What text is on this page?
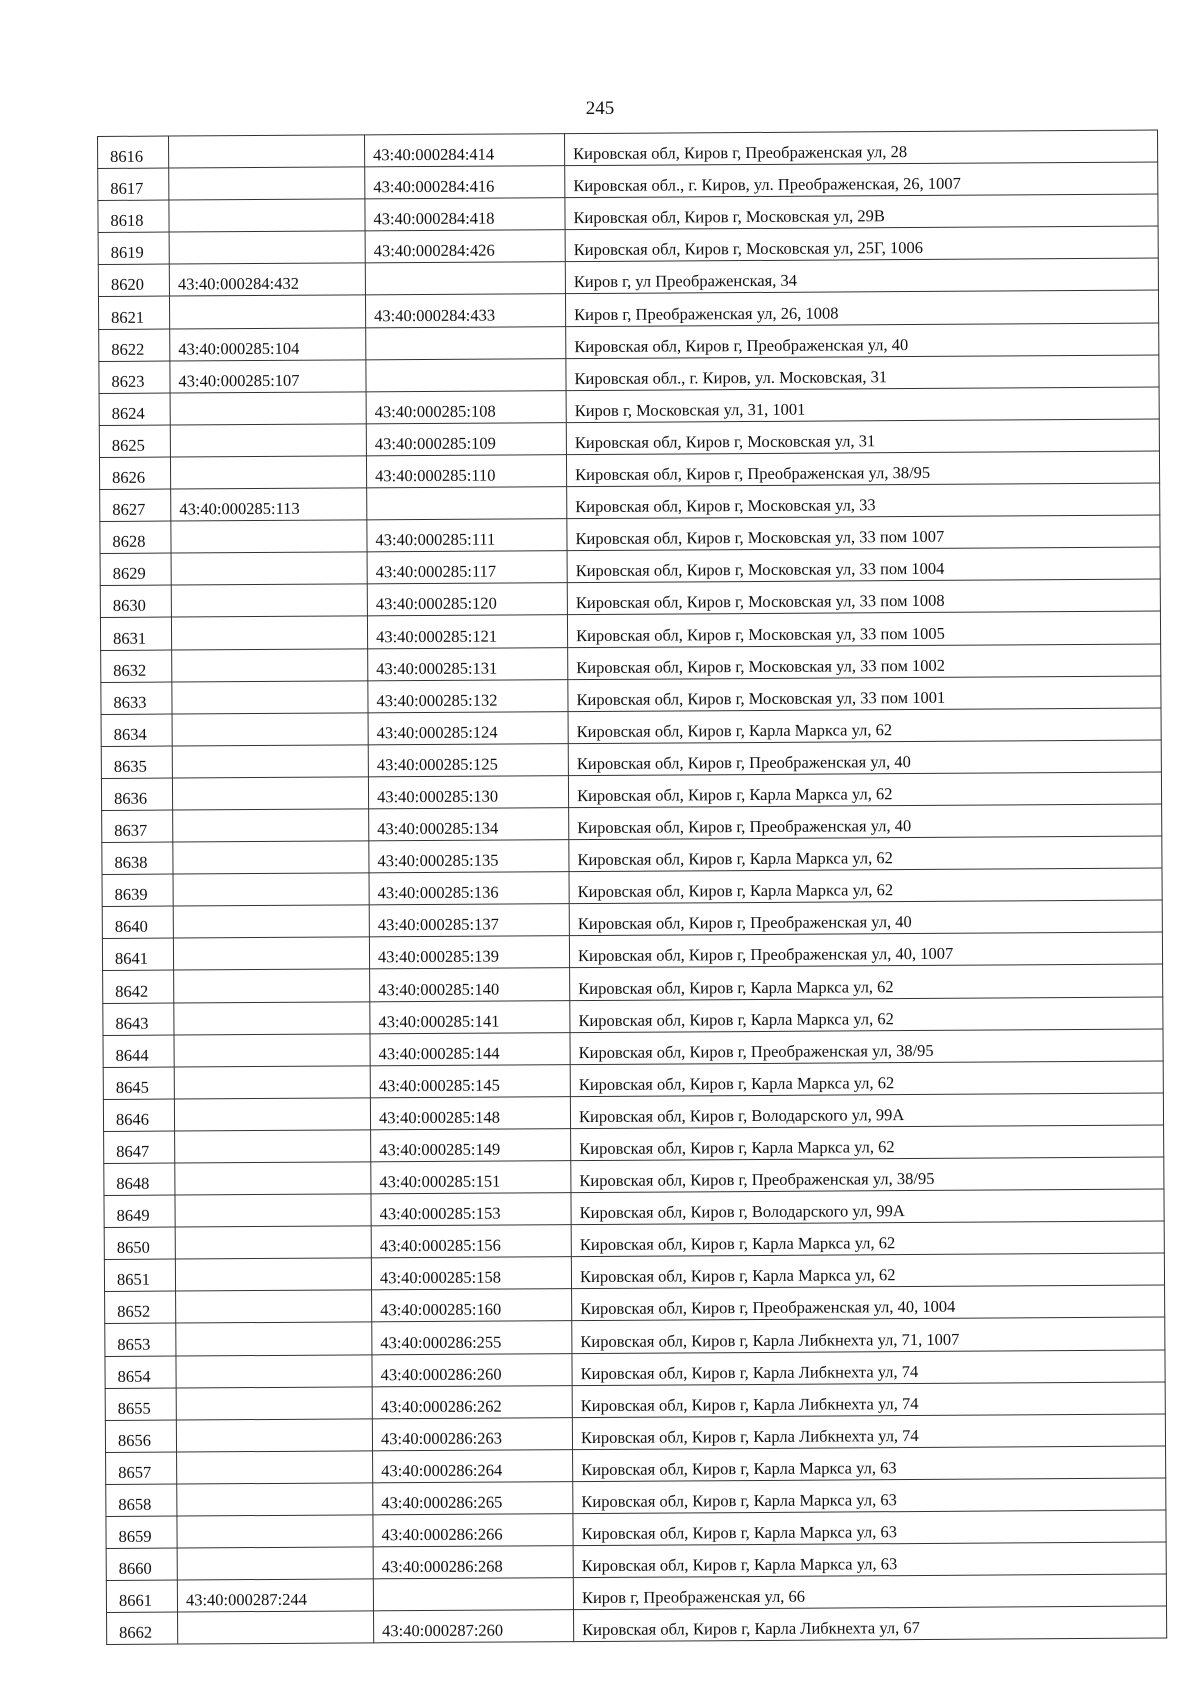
245
8616		43:40:000284:414	Кировская обл, Киров г, Преображенская ул, 28
8617		43:40:000284:416	Кировская обл., г. Киров, ул. Преображенская, 26, 1007
8618		43:40:000284:418	Кировская обл, Киров г, Московская ул, 29В
8619		43:40:000284:426	Кировская обл, Киров г, Московская ул, 25Г, 1006
8620	43:40:000284:432		Киров г, ул Преображенская, 34
8621		43:40:000284:433	Киров г, Преображенская ул, 26, 1008
8622	43:40:000285:104		Кировская обл, Киров г, Преображенская ул, 40
8623	43:40:000285:107		Кировская обл., г. Киров, ул. Московская, 31
8624		43:40:000285:108	Киров г, Московская ул, 31, 1001
8625		43:40:000285:109	Кировская обл, Киров г, Московская ул, 31
8626		43:40:000285:110	Кировская обл, Киров г, Преображенская ул, 38/95
8627	43:40:000285:113		Кировская обл, Киров г, Московская ул, 33
8628		43:40:000285:111	Кировская обл, Киров г, Московская ул, 33 пом 1007
8629		43:40:000285:117	Кировская обл, Киров г, Московская ул, 33 пом 1004
8630		43:40:000285:120	Кировская обл, Киров г, Московская ул, 33 пом 1008
8631		43:40:000285:121	Кировская обл, Киров г, Московская ул, 33 пом 1005
8632		43:40:000285:131	Кировская обл, Киров г, Московская ул, 33 пом 1002
8633		43:40:000285:132	Кировская обл, Киров г, Московская ул, 33 пом 1001
8634		43:40:000285:124	Кировская обл, Киров г, Карла Маркса ул, 62
8635		43:40:000285:125	Кировская обл, Киров г, Преображенская ул, 40
8636		43:40:000285:130	Кировская обл, Киров г, Карла Маркса ул, 62
8637		43:40:000285:134	Кировская обл, Киров г, Преображенская ул, 40
8638		43:40:000285:135	Кировская обл, Киров г, Карла Маркса ул, 62
8639		43:40:000285:136	Кировская обл, Киров г, Карла Маркса ул, 62
8640		43:40:000285:137	Кировская обл, Киров г, Преображенская ул, 40
8641		43:40:000285:139	Кировская обл, Киров г, Преображенская ул, 40, 1007
8642		43:40:000285:140	Кировская обл, Киров г, Карла Маркса ул, 62
8643		43:40:000285:141	Кировская обл, Киров г, Карла Маркса ул, 62
8644		43:40:000285:144	Кировская обл, Киров г, Преображенская ул, 38/95
8645		43:40:000285:145	Кировская обл, Киров г, Карла Маркса ул, 62
8646		43:40:000285:148	Кировская обл, Киров г, Володарского ул, 99А
8647		43:40:000285:149	Кировская обл, Киров г, Карла Маркса ул, 62
8648		43:40:000285:151	Кировская обл, Киров г, Преображенская ул, 38/95
8649		43:40:000285:153	Кировская обл, Киров г, Володарского ул, 99А
8650		43:40:000285:156	Кировская обл, Киров г, Карла Маркса ул, 62
8651		43:40:000285:158	Кировская обл, Киров г, Карла Маркса ул, 62
8652		43:40:000285:160	Кировская обл, Киров г, Преображенская ул, 40, 1004
8653		43:40:000286:255	Кировская обл, Киров г, Карла Либкнехта ул, 71, 1007
8654		43:40:000286:260	Кировская обл, Киров г, Карла Либкнехта ул, 74
8655		43:40:000286:262	Кировская обл, Киров г, Карла Либкнехта ул, 74
8656		43:40:000286:263	Кировская обл, Киров г, Карла Либкнехта ул, 74
8657		43:40:000286:264	Кировская обл, Киров г, Карла Маркса ул, 63
8658		43:40:000286:265	Кировская обл, Киров г, Карла Маркса ул, 63
8659		43:40:000286:266	Кировская обл, Киров г, Карла Маркса ул, 63
8660		43:40:000286:268	Кировская обл, Киров г, Карла Маркса ул, 63
8661	43:40:000287:244		Киров г, Преображенская ул, 66
8662		43:40:000287:260	Кировская обл, Киров г, Карла Либкнехта ул, 67
